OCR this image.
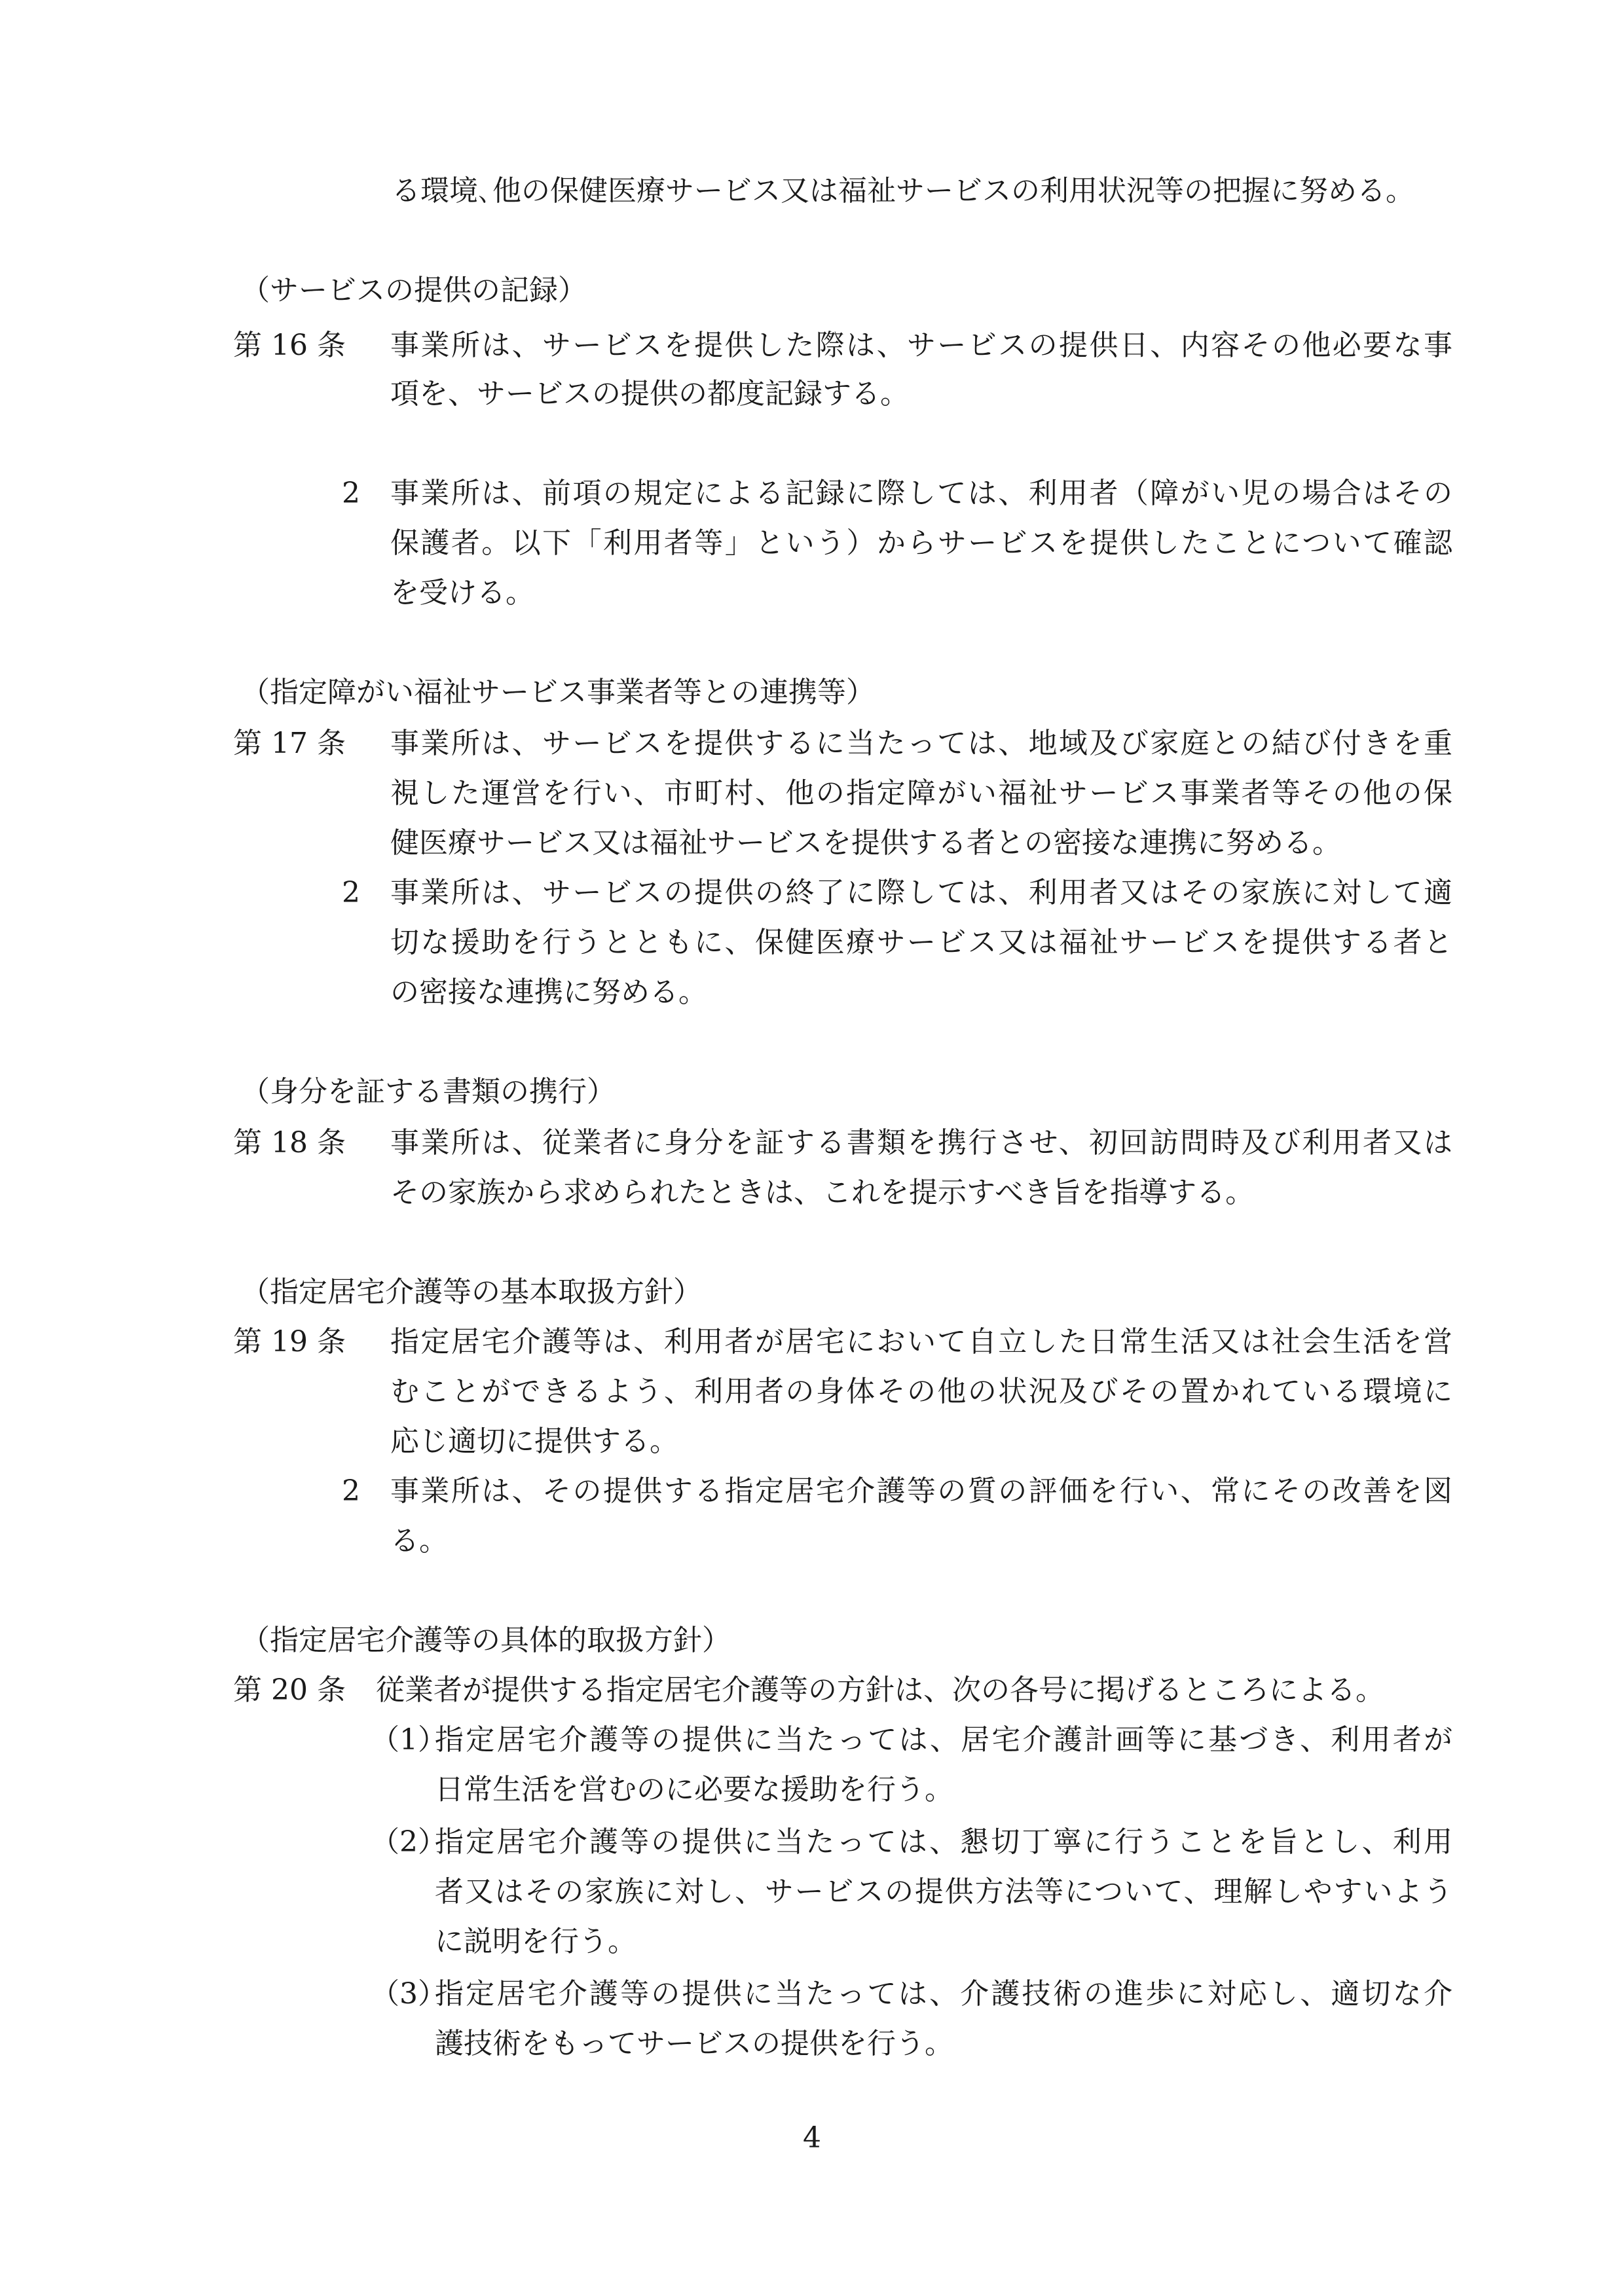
る環境､他の保健医療サービス又は福祉サービスの利用状況等の把握に努める。
（サービスの提供の記録）
第 16 条 事業所は、サービスを提供した際は、サービスの提供日、内容その他必要な事
項を、サービスの提供の都度記録する。
2 事業所は、前項の規定による記録に際しては、利用者（障がい児の場合はその
保護者。以下「利用者等」という）からサービスを提供したことについて確認
を受ける。
（指定障がい福祉サービス事業者等との連携等）
第 17 条 事業所は、サービスを提供するに当たっては、地域及び家庭との結び付きを重
視した運営を行い、市町村、他の指定障がい福祉サービス事業者等その他の保
健医療サービス又は福祉サービスを提供する者との密接な連携に努める。
2 事業所は、サービスの提供の終了に際しては、利用者又はその家族に対して適
切な援助を行うとともに、保健医療サービス又は福祉サービスを提供する者と
の密接な連携に努める。
（身分を証する書類の携行）
第 18 条 事業所は、従業者に身分を証する書類を携行させ、初回訪問時及び利用者又は
その家族から求められたときは、これを提示すべき旨を指導する。
（指定居宅介護等の基本取扱方針）
第 19 条 指定居宅介護等は、利用者が居宅において自立した日常生活又は社会生活を営
むことができるよう、利用者の身体その他の状況及びその置かれている環境に
応じ適切に提供する。
2 事業所は、その提供する指定居宅介護等の質の評価を行い、常にその改善を図
る。
（指定居宅介護等の具体的取扱方針）
第 20 条 従業者が提供する指定居宅介護等の方針は、次の各号に掲げるところによる。
（1）
指定居宅介護等の提供に当たっては、居宅介護計画等に基づき、利用者が
日常生活を営むのに必要な援助を行う。
（2）
指定居宅介護等の提供に当たっては、懇切丁寧に行うことを旨とし、利用
者又はその家族に対し、サービスの提供方法等について、理解しやすいよう
に説明を行う。
（3）
指定居宅介護等の提供に当たっては、介護技術の進歩に対応し、適切な介
護技術をもってサービスの提供を行う。
4
